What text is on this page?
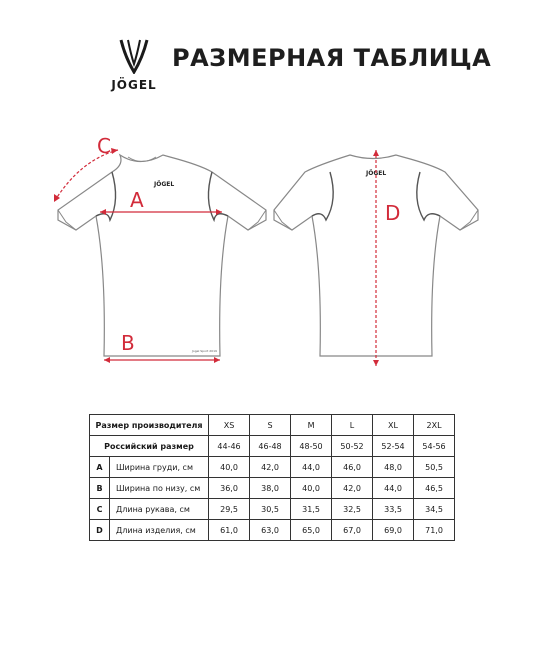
JÖGEL
РАЗМЕРНАЯ ТАБЛИЦА
JÖGEL
Jogel Sport 2019
JÖGEL
A
B
C
D
Размер производителя		XS	S	M	L	XL	2XL
Российский размер		44-46	46-48	48-50	50-52	52-54	54-56
A	Ширина груди, см	40,0	42,0	44,0	46,0	48,0	50,5
B	Ширина по низу, см	36,0	38,0	40,0	42,0	44,0	46,5
C	Длина рукава, см	29,5	30,5	31,5	32,5	33,5	34,5
D	Длина изделия, см	61,0	63,0	65,0	67,0	69,0	71,0
